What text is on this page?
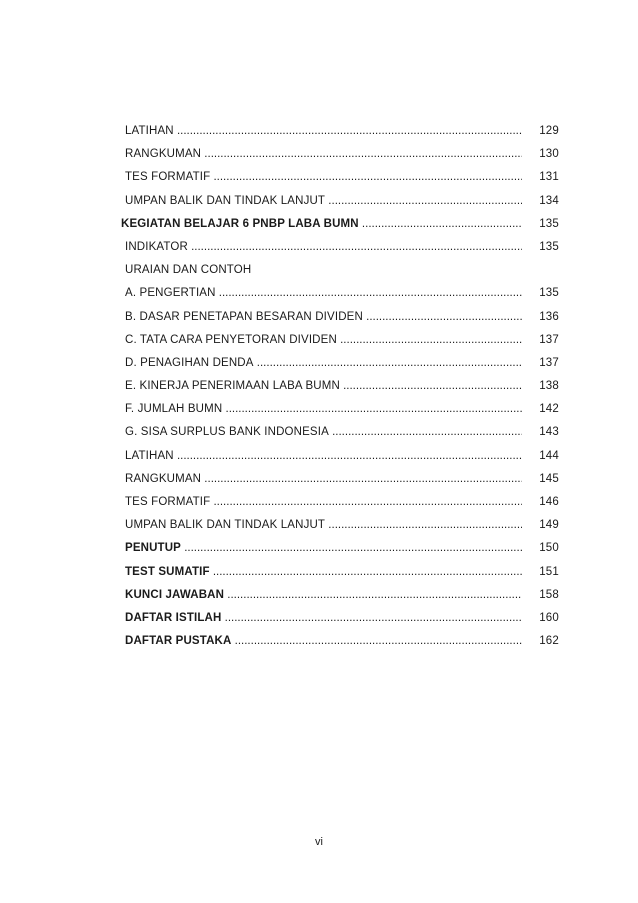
LATIHAN .....	129
RANGKUMAN .....	130
TES FORMATIF .....	131
UMPAN BALIK DAN TINDAK LANJUT .....	134
KEGIATAN BELAJAR 6 PNBP LABA BUMN .....	135
INDIKATOR .....	135
URAIAN DAN CONTOH
A. PENGERTIAN .....	135
B. DASAR PENETAPAN BESARAN DIVIDEN .....	136
C. TATA CARA PENYETORAN DIVIDEN .....	137
D. PENAGIHAN DENDA .....	137
E. KINERJA PENERIMAAN LABA BUMN .....	138
F. JUMLAH BUMN .....	142
G. SISA SURPLUS BANK INDONESIA .....	143
LATIHAN .....	144
RANGKUMAN .....	145
TES FORMATIF .....	146
UMPAN BALIK DAN TINDAK LANJUT .....	149
PENUTUP .....	150
TEST SUMATIF .....	151
KUNCI JAWABAN .....	158
DAFTAR ISTILAH .....	160
DAFTAR PUSTAKA .....	162
vi
